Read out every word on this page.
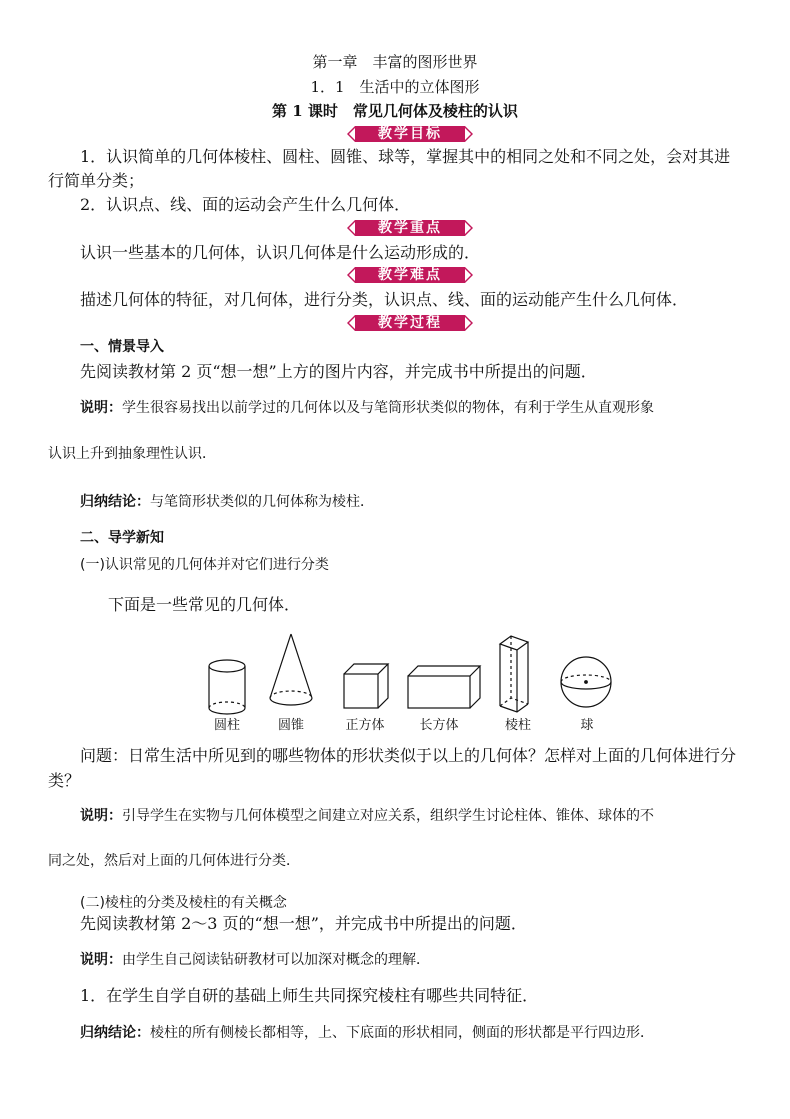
第一章　丰富的图形世界
1．1　生活中的立体图形
第 1 课时　常见几何体及棱柱的认识
教学目标
1．认识简单的几何体棱柱、圆柱、圆锥、球等，掌握其中的相同之处和不同之处，会对其进
行简单分类；
2．认识点、线、面的运动会产生什么几何体．
教学重点
认识一些基本的几何体，认识几何体是什么运动形成的．
教学难点
描述几何体的特征，对几何体，进行分类，认识点、线、面的运动能产生什么几何体．
教学过程
一、情景导入
先阅读教材第 2 页“想一想”上方的图片内容，并完成书中所提出的问题．
说明：学生很容易找出以前学过的几何体以及与笔筒形状类似的物体，有利于学生从直观形象
认识上升到抽象理性认识．
归纳结论：与笔筒形状类似的几何体称为棱柱．
二、导学新知
(一)认识常见的几何体并对它们进行分类
下面是一些常见的几何体．
圆柱	圆锥	正方体	长方体	棱柱	球
问题：日常生活中所见到的哪些物体的形状类似于以上的几何体？怎样对上面的几何体进行分
类？
说明：引导学生在实物与几何体模型之间建立对应关系，组织学生讨论柱体、锥体、球体的不
同之处，然后对上面的几何体进行分类．
(二)棱柱的分类及棱柱的有关概念
先阅读教材第 2～3 页的“想一想”，并完成书中所提出的问题．
说明：由学生自己阅读钻研教材可以加深对概念的理解．
1．在学生自学自研的基础上师生共同探究棱柱有哪些共同特征．
归纳结论：棱柱的所有侧棱长都相等，上、下底面的形状相同，侧面的形状都是平行四边形．
